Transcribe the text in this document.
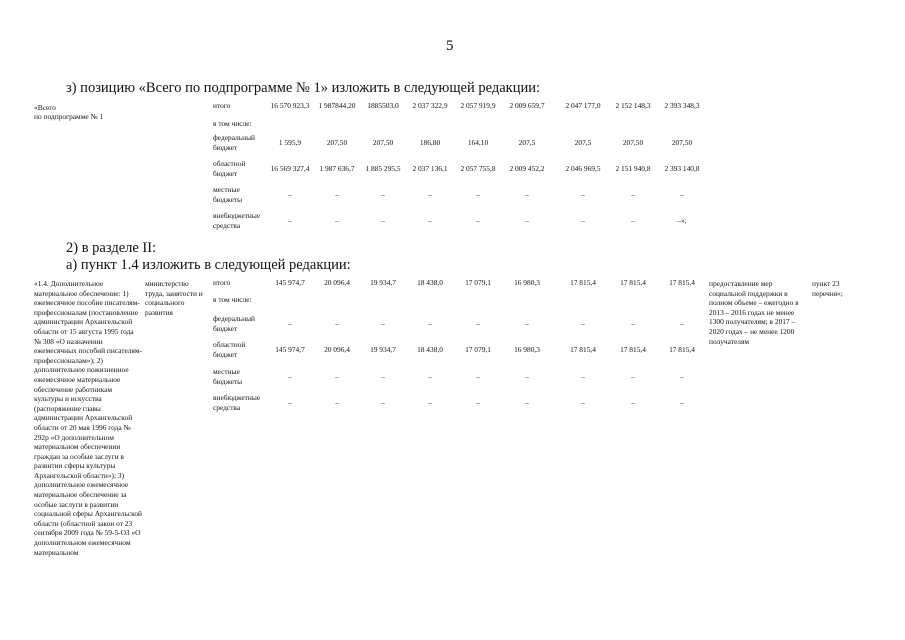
5
з) позицию «Всего по подпрограмме № 1» изложить в следующей редакции:
«Всего
по подпрограмме № 1
итого	16 570 923,3	1 987844,20	1885503,0	2 037 322,9	2 057 919,9	2 009 659,7	2 047 177,0	2 152 148,3	2 393 348,3
в том числе:
федеральный бюджет
1 595,9	207,50	207,50	186,80	164,10	207,5	207,5	207,50	207,50
областной бюджет
16 569 327,4	1 987 636,7	1 885 295,5	2 037 136,1	2 057 755,8	2 009 452,2	2 046 969,5	2 151 940,8	2 393 140,8
местные бюджеты
–	–	–	–	–	–	–	–	–
внебюджетные средства
–	–	–	–	–	–	–	–	–»;
2) в разделе II:
а) пункт 1.4 изложить в следующей редакции:
«1.4. Дополнительное материальное обеспечение: 1) ежемесячное пособие писателям-профессионалам (постановление администрации Архангельской области от 15 августа 1995 года № 308 «О назначении ежемесячных пособий писателям-профессионалам»); 2) дополнительное пожизненное ежемесячное материальное обеспечение работникам культуры и искусства (распоряжение главы администрации Архангельской области от 20 мая 1996 года № 292р «О дополнительном материальном обеспечении граждан за особые заслуги в развитии сферы культуры Архангельской области»); 3) дополнительное ежемесячное материальное обеспечение за особые заслуги в развитии социальной сферы Архангельской области (областной закон от 23 сентября 2009 года № 59-5-ОЗ «О дополнительном ежемесячном материальном
министерство труда, занятости и социального развития
итого	145 974,7	20 096,4	19 934,7	18 438,0	17 079,1	16 980,3	17 815,4	17 815,4	17 815,4
в том числе:
федеральный бюджет
–	–	–	–	–	–	–	–	–
областной бюджет
145 974,7	20 096,4	19 934,7	18 438,0	17 079,1	16 980,3	17 815,4	17 815,4	17 815,4
местные бюджеты
–	–	–	–	–	–	–	–	–
внебюджетные средства
–	–	–	–	–	–	–	–	–
предоставление мер социальной поддержки в полном объеме – ежегодно в 2013 – 2016 годах не менее 1300 получателям; в 2017 – 2020 годах – не менее 1200 получателям
пункт 23 перечня»;
